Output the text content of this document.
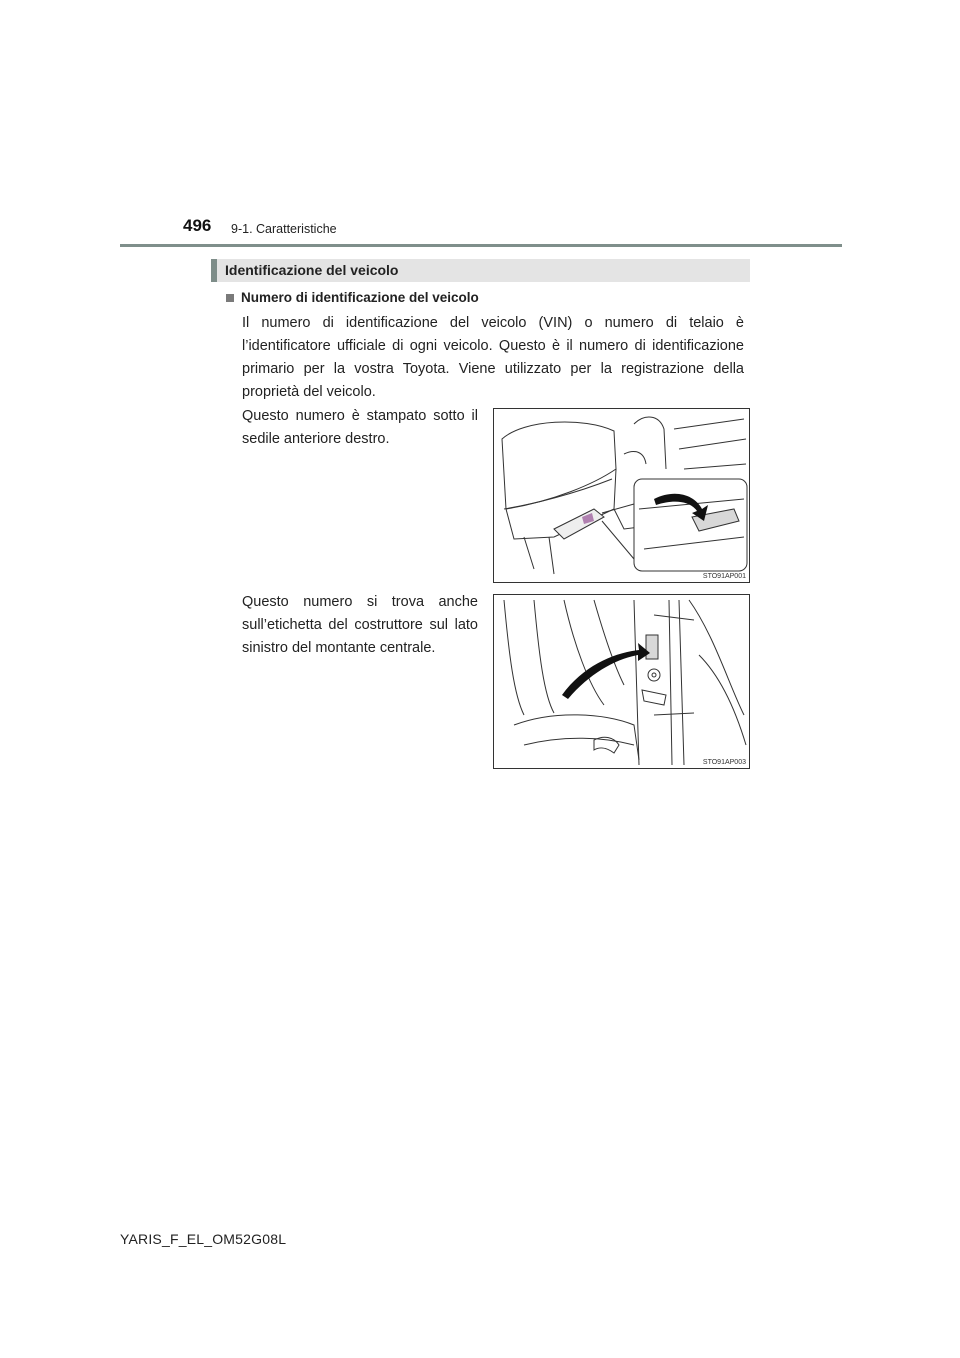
496 9-1. Caratteristiche
Identificazione del veicolo
Numero di identificazione del veicolo
Il numero di identificazione del veicolo (VIN) o numero di telaio è l’identificatore ufficiale di ogni veicolo. Questo è il numero di identificazione primario per la vostra Toyota. Viene utilizzato per la registrazione della proprietà del veicolo.
Questo numero è stampato sotto il sedile anteriore destro.
STO91AP001
Questo numero si trova anche sull’etichetta del costruttore sul lato sinistro del montante centrale.
STO91AP003
YARIS_F_EL_OM52G08L
